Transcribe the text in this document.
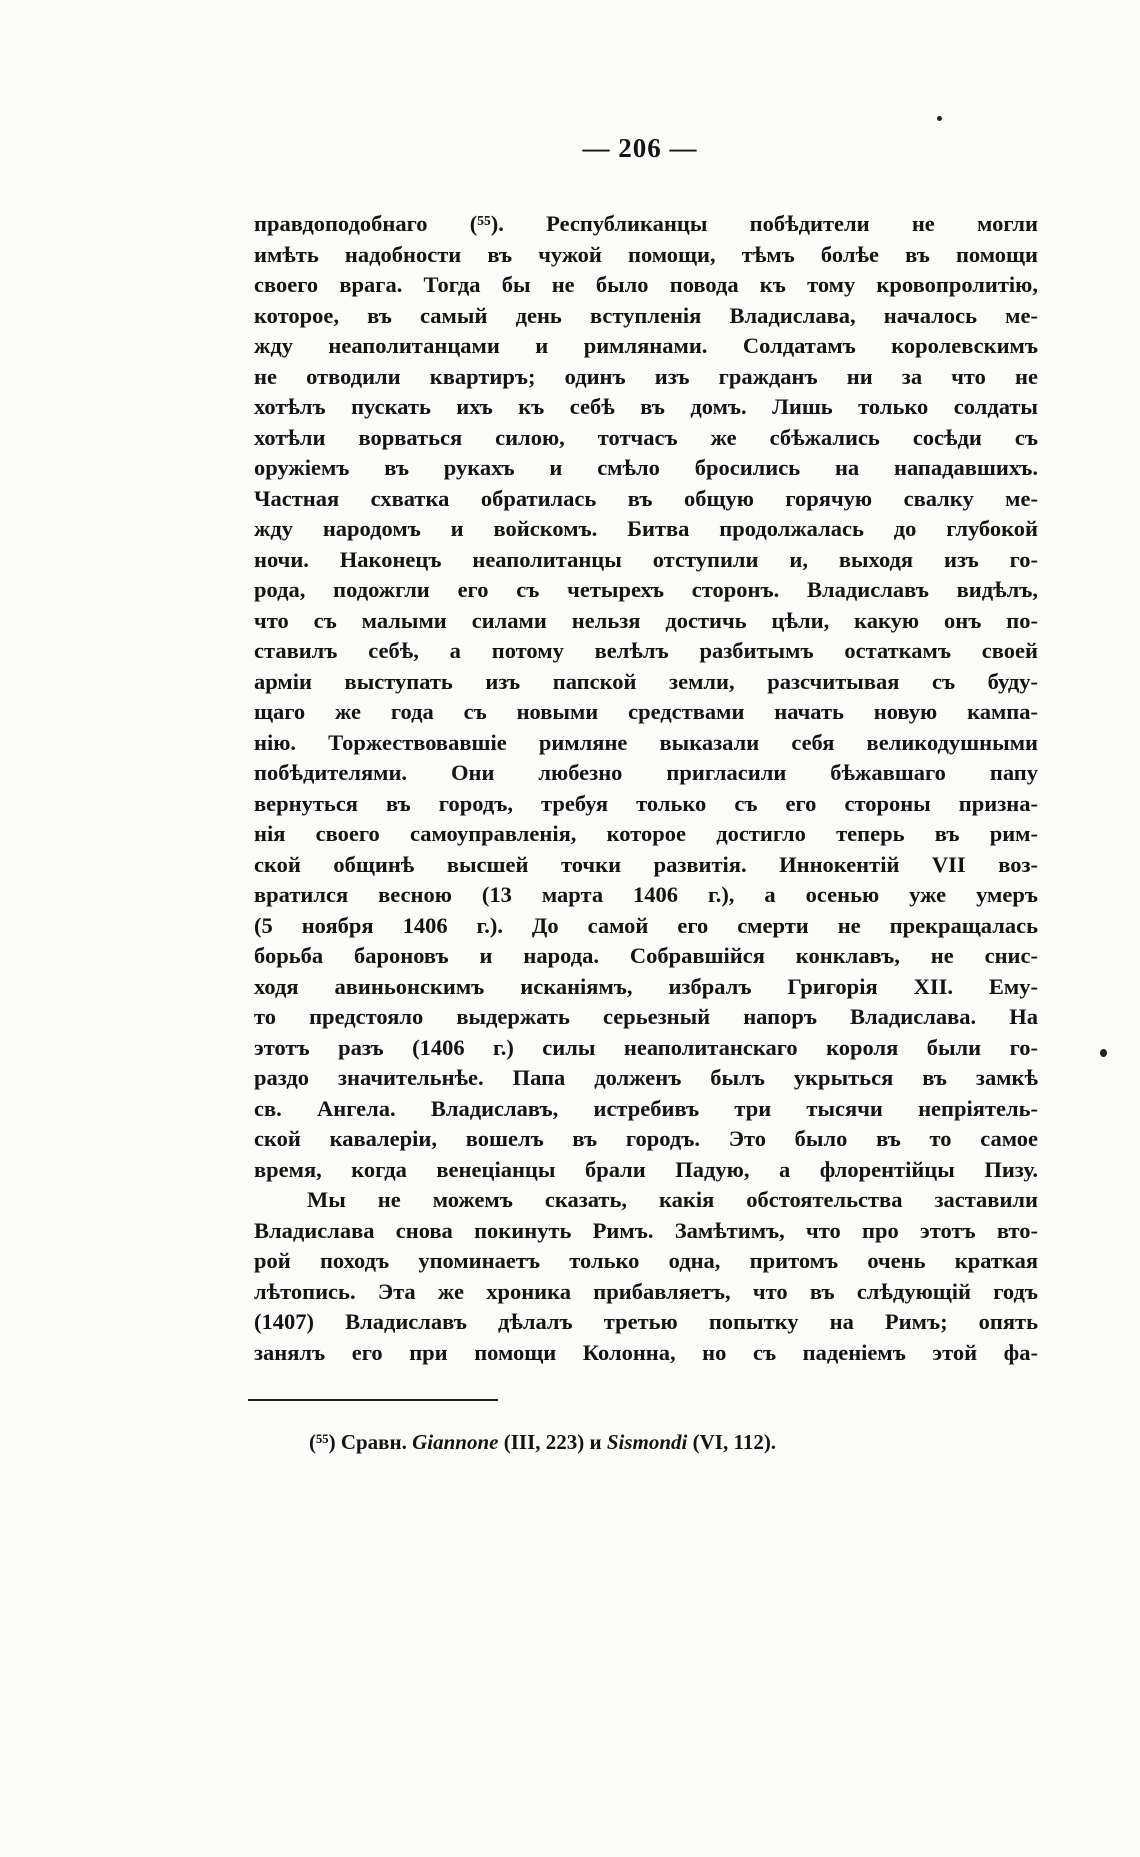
— 206 —
правдоподобнаго (⁵⁵). Республиканцы побѣдители не могли
имѣть надобности въ чужой помощи, тѣмъ болѣе въ помощи
своего врага. Тогда бы не было повода къ тому кровопролитію,
которое, въ самый день вступленія Владислава, началось ме-
жду неаполитанцами и римлянами. Солдатамъ королевскимъ
не отводили квартиръ; одинъ изъ гражданъ ни за что не
хотѣлъ пускать ихъ къ себѣ въ домъ. Лишь только солдаты
хотѣли ворваться силою, тотчасъ же сбѣжались сосѣди съ
оружіемъ въ рукахъ и смѣло бросились на нападавшихъ.
Частная схватка обратилась въ общую горячую свалку ме-
жду народомъ и войскомъ. Битва продолжалась до глубокой
ночи. Наконецъ неаполитанцы отступили и, выходя изъ го-
рода, подожгли его съ четырехъ сторонъ. Владиславъ видѣлъ,
что съ малыми силами нельзя достичь цѣли, какую онъ по-
ставилъ себѣ, а потому велѣлъ разбитымъ остаткамъ своей
арміи выступать изъ папской земли, разсчитывая съ буду-
щаго же года съ новыми средствами начать новую кампа-
нію. Торжествовавшіе римляне выказали себя великодушными
побѣдителями. Они любезно пригласили бѣжавшаго папу
вернуться въ городъ, требуя только съ его стороны призна-
нія своего самоуправленія, которое достигло теперь въ рим-
ской общинѣ высшей точки развитія. Иннокентій VII воз-
вратился весною (13 марта 1406 г.), а осенью уже умеръ
(5 ноября 1406 г.). До самой его смерти не прекращалась
борьба бароновъ и народа. Собравшійся конклавъ, не снис-
ходя авиньонскимъ исканіямъ, избралъ Григорія XII. Ему-
то предстояло выдержать серьезный напоръ Владислава. На
этотъ разъ (1406 г.) силы неаполитанскаго короля были го-
раздо значительнѣе. Папа долженъ былъ укрыться въ замкѣ
св. Ангела. Владиславъ, истребивъ три тысячи непріятель-
ской кавалеріи, вошелъ въ городъ. Это было въ то самое
время, когда венеціанцы брали Падую, а флорентійцы Пизу.
Мы не можемъ сказать, какія обстоятельства заставили
Владислава снова покинуть Римъ. Замѣтимъ, что про этотъ вто-
рой походъ упоминаетъ только одна, притомъ очень краткая
лѣтопись. Эта же хроника прибавляетъ, что въ слѣдующій годъ
(1407) Владиславъ дѣлалъ третью попытку на Римъ; опять
занялъ его при помощи Колонна, но съ паденіемъ этой фа-
(⁵⁵) Сравн. Giannone (III, 223) и Sismondi (VI, 112).
